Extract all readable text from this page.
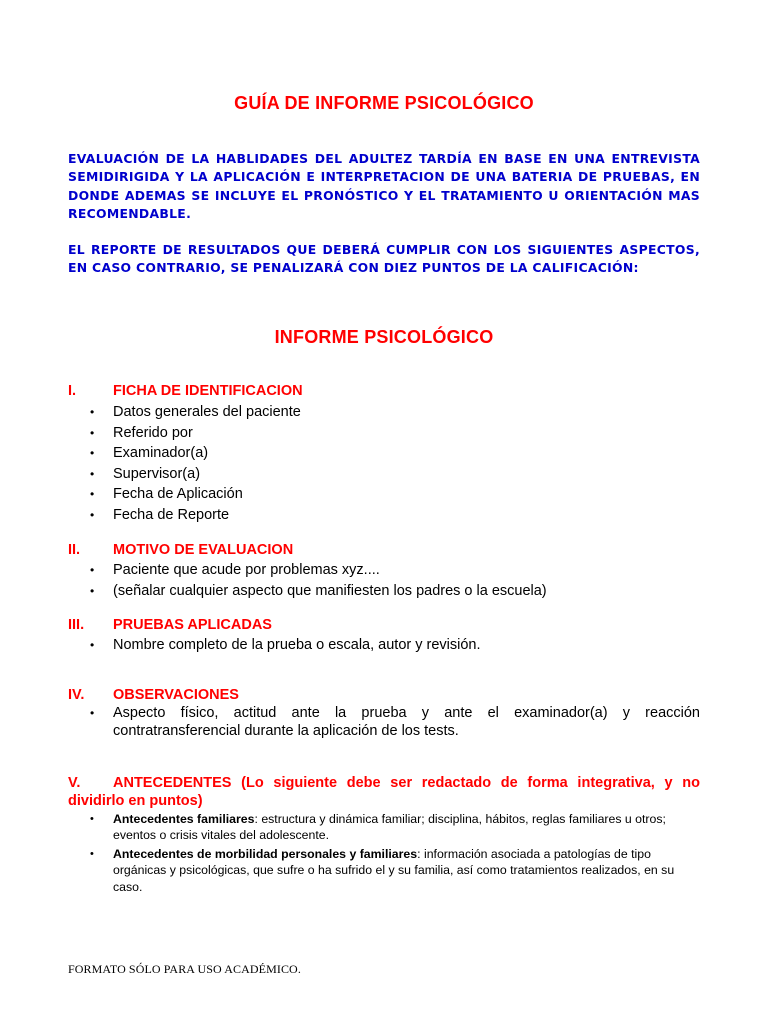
GUÍA DE INFORME PSICOLÓGICO
EVALUACIÓN DE LA HABLIDADES DEL ADULTEZ TARDÍA EN BASE EN UNA ENTREVISTA SEMIDIRIGIDA Y LA APLICACIÓN E INTERPRETACION DE UNA BATERIA DE PRUEBAS, EN DONDE ADEMAS SE INCLUYE EL PRONÓSTICO Y EL TRATAMIENTO U ORIENTACIÓN MAS RECOMENDABLE.
EL REPORTE DE RESULTADOS QUE DEBERÁ CUMPLIR CON LOS SIGUIENTES ASPECTOS, EN CASO CONTRARIO, SE PENALIZARÁ CON DIEZ PUNTOS DE LA CALIFICACIÓN:
INFORME PSICOLÓGICO
I.	FICHA DE IDENTIFICACION
• Datos generales del paciente
• Referido por
• Examinador(a)
• Supervisor(a)
• Fecha de Aplicación
• Fecha de Reporte
II. MOTIVO DE EVALUACION
• Paciente que acude por problemas xyz....
• (señalar cualquier aspecto que manifiesten los padres o la escuela)
III. PRUEBAS APLICADAS
• Nombre completo de la prueba o escala, autor y revisión.
IV. OBSERVACIONES
• Aspecto físico, actitud ante la prueba y ante el examinador(a) y reacción contratransferencial durante la aplicación de los tests.
V. ANTECEDENTES (Lo siguiente debe ser redactado de forma integrativa, y no dividirlo en puntos)
• Antecedentes familiares: estructura y dinámica familiar; disciplina, hábitos, reglas familiares u otros; eventos o crisis vitales del adolescente.
• Antecedentes de morbilidad personales y familiares: información asociada a patologías de tipo orgánicas y psicológicas, que sufre o ha sufrido el y su familia, así como tratamientos realizados, en su caso.
FORMATO SÓLO PARA USO ACADÉMICO.
